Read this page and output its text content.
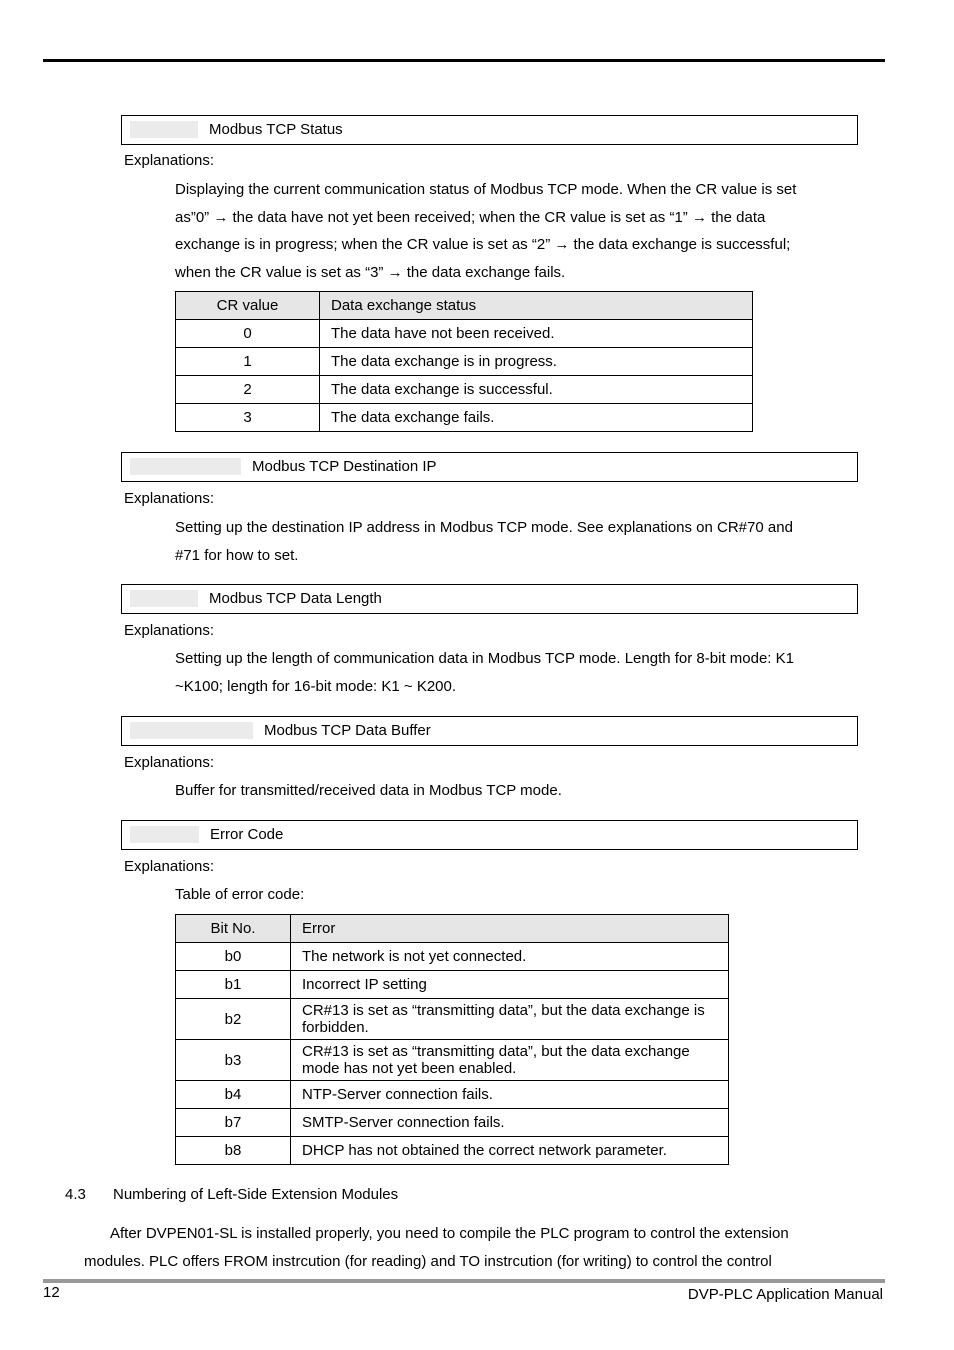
Modbus TCP Status
Explanations:
Displaying the current communication status of Modbus TCP mode. When the CR value is set
as”0” → the data have not yet been received; when the CR value is set as “1” → the data
exchange is in progress; when the CR value is set as “2” → the data exchange is successful;
when the CR value is set as “3” → the data exchange fails.
CR value	Data exchange status
0	The data have not been received.
1	The data exchange is in progress.
2	The data exchange is successful.
3	The data exchange fails.
Modbus TCP Destination IP
Explanations:
Setting up the destination IP address in Modbus TCP mode. See explanations on CR#70 and
#71 for how to set.
Modbus TCP Data Length
Explanations:
Setting up the length of communication data in Modbus TCP mode. Length for 8-bit mode: K1
~K100; length for 16-bit mode: K1 ~ K200.
Modbus TCP Data Buffer
Explanations:
Buffer for transmitted/received data in Modbus TCP mode.
Error Code
Explanations:
Table of error code:
Bit No.	Error
b0	The network is not yet connected.
b1	Incorrect IP setting
b2	CR#13 is set as “transmitting data”, but the data exchange is forbidden.
b3	CR#13 is set as “transmitting data”, but the data exchange mode has not yet been enabled.
b4	NTP-Server connection fails.
b7	SMTP-Server connection fails.
b8	DHCP has not obtained the correct network parameter.
4.3 Numbering of Left-Side Extension Modules
After DVPEN01-SL is installed properly, you need to compile the PLC program to control the extension
modules. PLC offers FROM instrcution (for reading) and TO instrcution (for writing) to control the control
12	DVP-PLC Application Manual
